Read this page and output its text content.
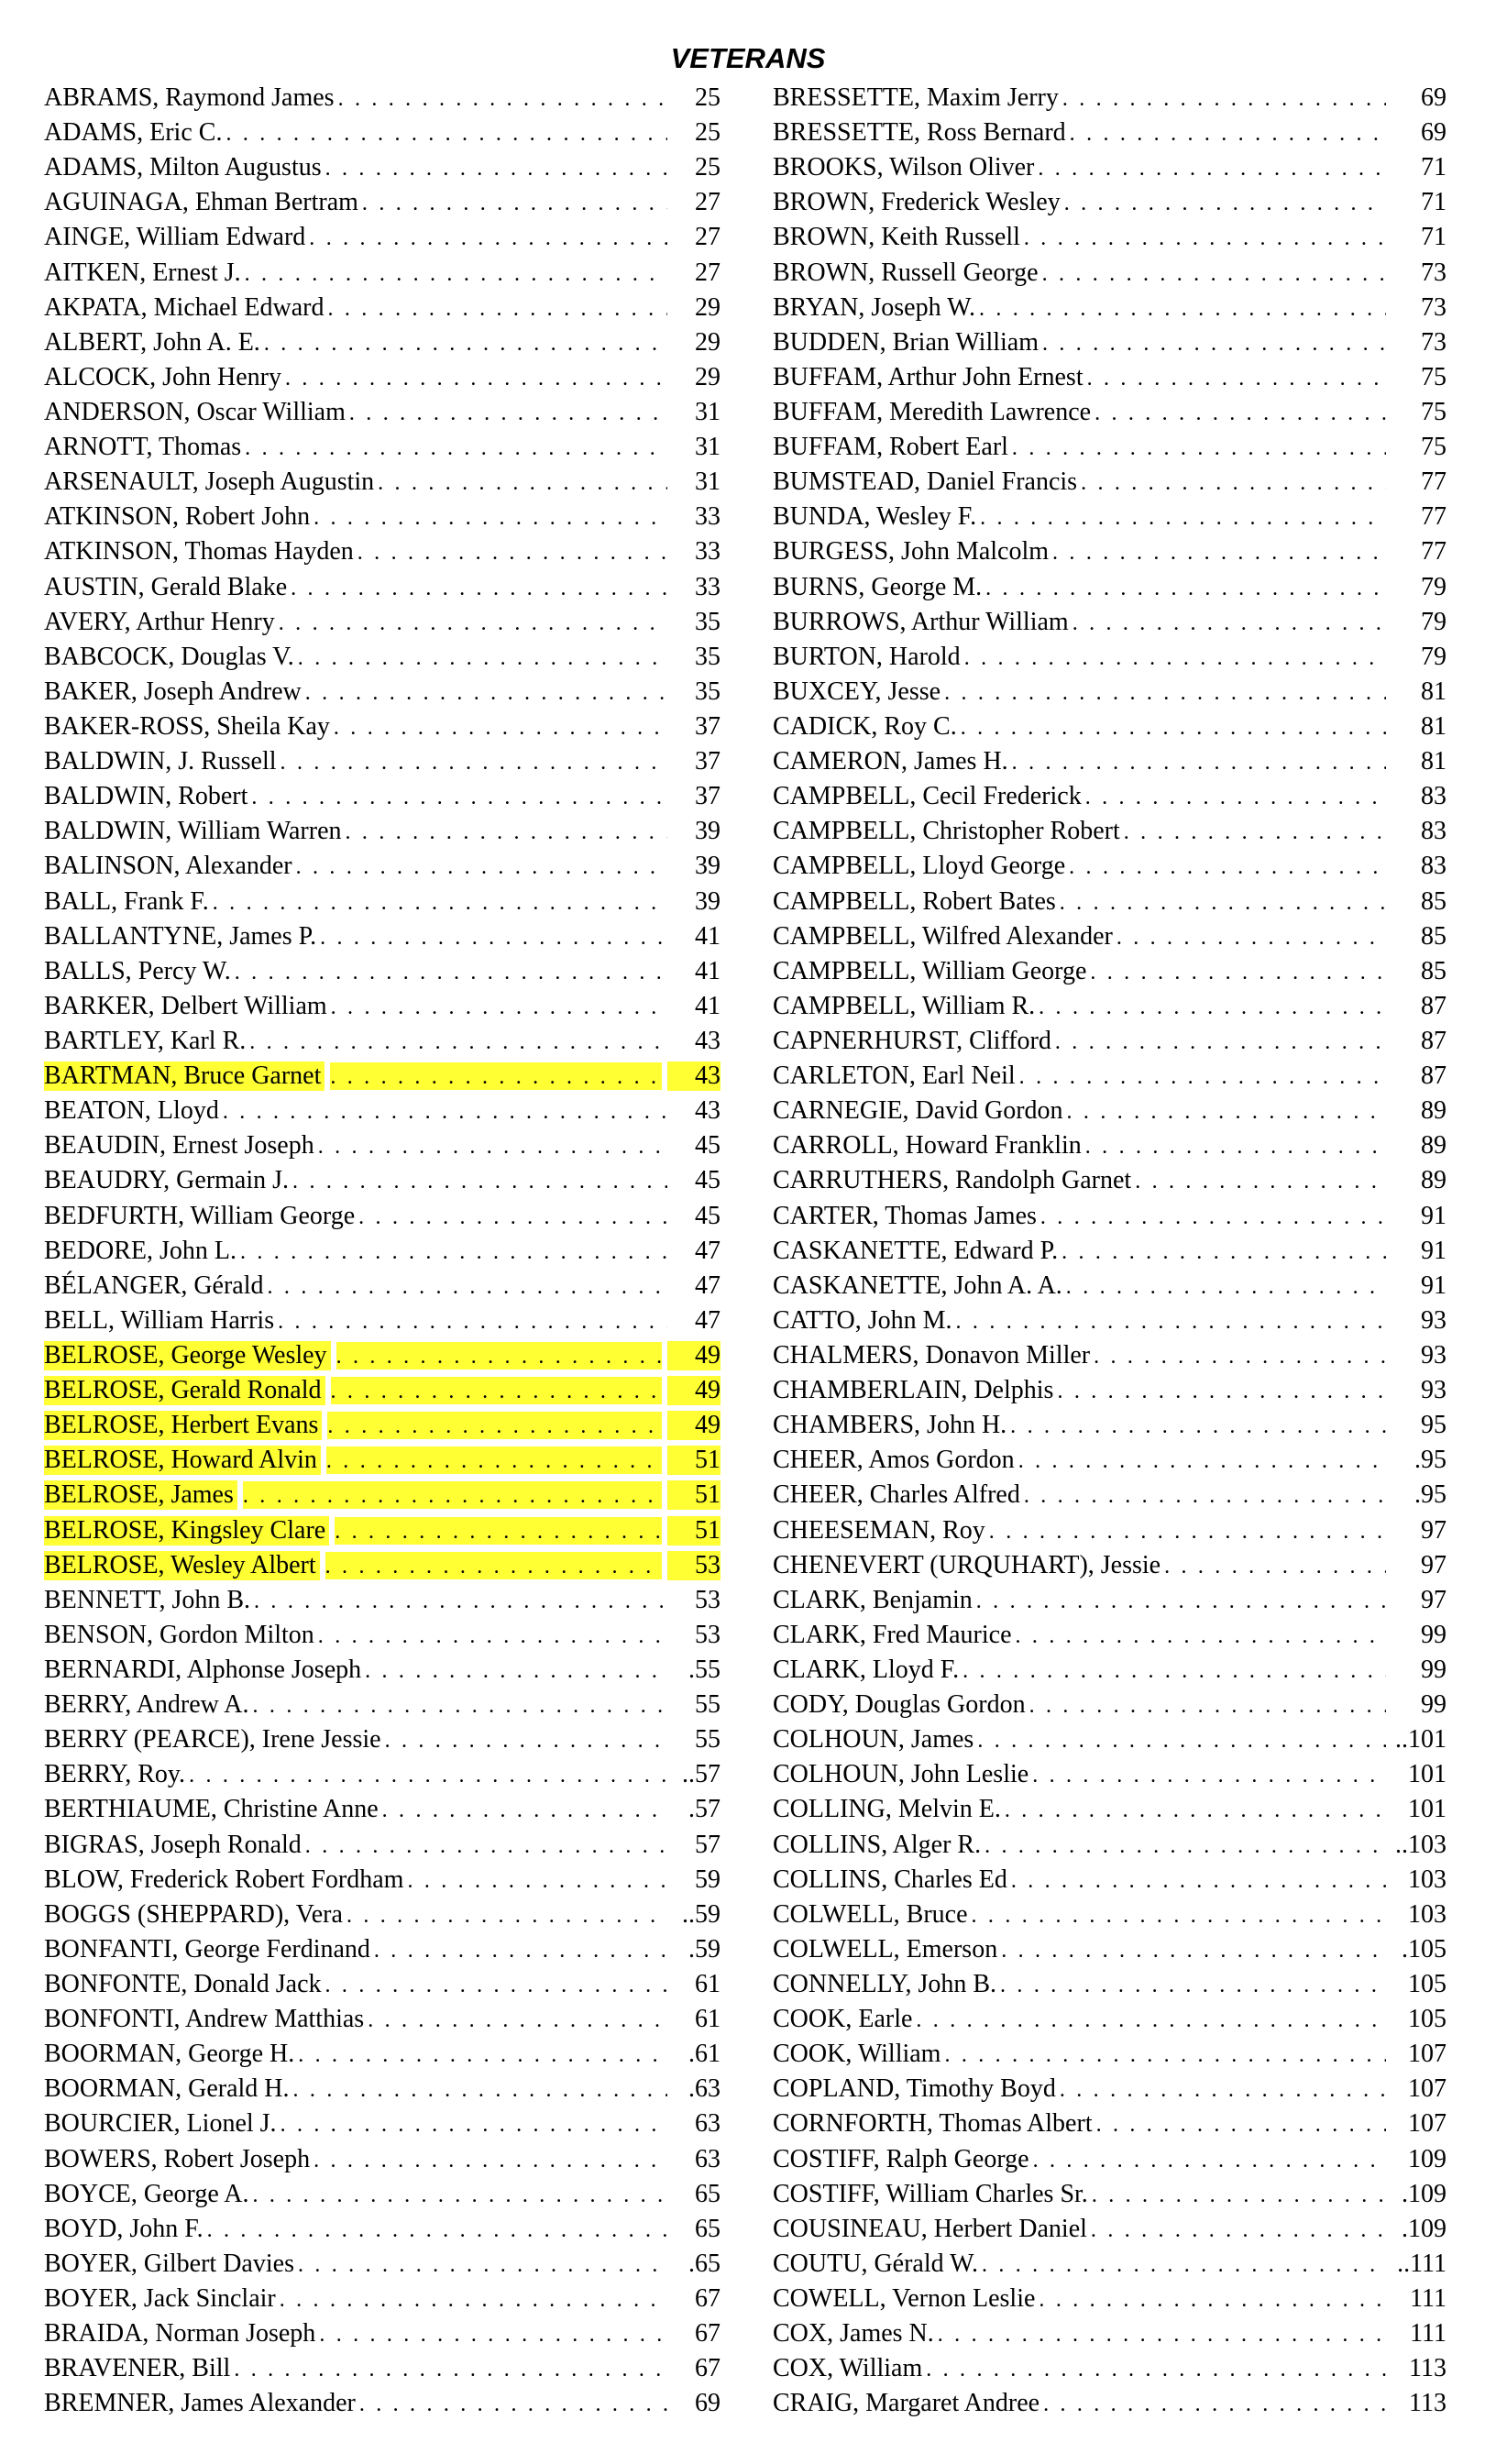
VETERANS
ABRAMS, Raymond James . . .	25
ADAMS, Eric C. . . .	25
ADAMS, Milton Augustus . . .	25
AGUINAGA, Ehman Bertram . . .	27
AINGE, William Edward . . .	27
AITKEN, Ernest J. . . .	27
AKPATA, Michael Edward . . .	29
ALBERT, John A. E. . . .	29
ALCOCK, John Henry . . .	29
ANDERSON, Oscar William . . .	31
ARNOTT, Thomas . . .	31
ARSENAULT, Joseph Augustin . . .	31
ATKINSON, Robert John . . .	33
ATKINSON, Thomas Hayden . . .	33
AUSTIN, Gerald Blake . . .	33
AVERY, Arthur Henry . . .	35
BABCOCK, Douglas V. . . .	35
BAKER, Joseph Andrew . . .	35
BAKER-ROSS, Sheila Kay . . .	37
BALDWIN, J. Russell . . .	37
BALDWIN, Robert . . .	37
BALDWIN, William Warren . . .	39
BALINSON, Alexander . . .	39
BALL, Frank F. . . .	39
BALLANTYNE, James P. . . .	41
BALLS, Percy W. . . .	41
BARKER, Delbert William . . .	41
BARTLEY, Karl R. . . .	43
BARTMAN, Bruce Garnet . . .	43
BEATON, Lloyd . . .	43
BEAUDIN, Ernest Joseph . . .	45
BEAUDRY, Germain J. . . .	45
BEDFURTH, William George . . .	45
BEDORE, John L. . . .	47
BÉLANGER, Gérald . . .	47
BELL, William Harris . . .	47
BELROSE, George Wesley . . .	49
BELROSE, Gerald Ronald . . .	49
BELROSE, Herbert Evans . . .	49
BELROSE, Howard Alvin . . .	51
BELROSE, James . . .	51
BELROSE, Kingsley Clare . . .	51
BELROSE, Wesley Albert . . .	53
BENNETT, John B. . . .	53
BENSON, Gordon Milton . . .	53
BERNARDI, Alphonse Joseph . . .	.55
BERRY, Andrew A. . . .	55
BERRY (PEARCE), Irene Jessie . . .	55
BERRY, Roy. . . .	..57
BERTHIAUME, Christine Anne . . .	.57
BIGRAS, Joseph Ronald . . .	57
BLOW, Frederick Robert Fordham . . .	59
BOGGS (SHEPPARD), Vera . . .	..59
BONFANTI, George Ferdinand . . .	.59
BONFONTE, Donald Jack . . .	61
BONFONTI, Andrew Matthias . . .	61
BOORMAN, George H. . . .	.61
BOORMAN, Gerald H. . . .	.63
BOURCIER, Lionel J. . . .	63
BOWERS, Robert Joseph . . .	63
BOYCE, George A. . . .	65
BOYD, John F. . . .	65
BOYER, Gilbert Davies . . .	.65
BOYER, Jack Sinclair . . .	67
BRAIDA, Norman Joseph . . .	67
BRAVENER, Bill . . .	67
BREMNER, James Alexander . . .	69
BRESSETTE, Maxim Jerry . . .	69
BRESSETTE, Ross Bernard . . .	69
BROOKS, Wilson Oliver . . .	71
BROWN, Frederick Wesley . . .	71
BROWN, Keith Russell . . .	71
BROWN, Russell George . . .	73
BRYAN, Joseph W. . . .	73
BUDDEN, Brian William . . .	73
BUFFAM, Arthur John Ernest . . .	75
BUFFAM, Meredith Lawrence . . .	75
BUFFAM, Robert Earl . . .	75
BUMSTEAD, Daniel Francis . . .	77
BUNDA, Wesley F. . . .	77
BURGESS, John Malcolm . . .	77
BURNS, George M. . . .	79
BURROWS, Arthur William . . .	79
BURTON, Harold . . .	79
BUXCEY, Jesse . . .	81
CADICK, Roy C. . . .	81
CAMERON, James H. . . .	81
CAMPBELL, Cecil Frederick . . .	83
CAMPBELL, Christopher Robert . . .	83
CAMPBELL, Lloyd George . . .	83
CAMPBELL, Robert Bates . . .	85
CAMPBELL, Wilfred Alexander . . .	85
CAMPBELL, William George . . .	85
CAMPBELL, William R. . . .	87
CAPNERHURST, Clifford . . .	87
CARLETON, Earl Neil . . .	87
CARNEGIE, David Gordon . . .	89
CARROLL, Howard Franklin . . .	89
CARRUTHERS, Randolph Garnet . . .	89
CARTER, Thomas James . . .	91
CASKANETTE, Edward P. . . .	91
CASKANETTE, John A. A. . . .	91
CATTO, John M. . . .	93
CHALMERS, Donavon Miller . . .	93
CHAMBERLAIN, Delphis . . .	93
CHAMBERS, John H. . . .	95
CHEER, Amos Gordon . . .	.95
CHEER, Charles Alfred . . .	.95
CHEESEMAN, Roy . . .	97
CHENEVERT (URQUHART), Jessie . . .	97
CLARK, Benjamin . . .	97
CLARK, Fred Maurice . . .	99
CLARK, Lloyd F. . . .	99
CODY, Douglas Gordon . . .	99
COLHOUN, James . . .	..101
COLHOUN, John Leslie . . .	101
COLLING, Melvin E. . . .	101
COLLINS, Alger R. . . .	..103
COLLINS, Charles Ed . . .	103
COLWELL, Bruce . . .	103
COLWELL, Emerson . . .	.105
CONNELLY, John B. . . .	105
COOK, Earle . . .	105
COOK, William . . .	107
COPLAND, Timothy Boyd . . .	107
CORNFORTH, Thomas Albert . . .	107
COSTIFF, Ralph George . . .	109
COSTIFF, William Charles Sr. . . .	.109
COUSINEAU, Herbert Daniel . . .	.109
COUTU, Gérald W. . . .	..111
COWELL, Vernon Leslie . . .	111
COX, James N. . . .	111
COX, William . . .	113
CRAIG, Margaret Andree . . .	113
